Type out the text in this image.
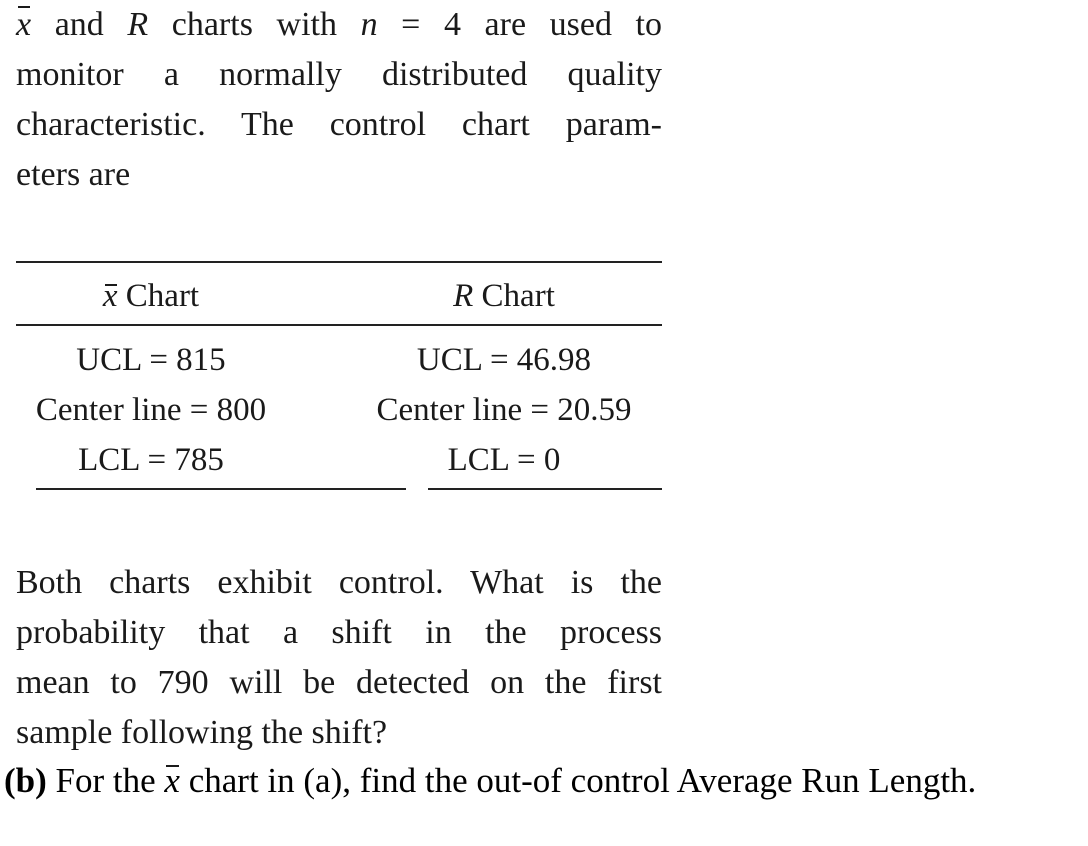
x and R charts with n = 4 are used to
monitor a normally distributed quality
characteristic. The control chart param-
eters are
x Chart	R Chart
UCL = 815	UCL = 46.98
Center line = 800	Center line = 20.59
LCL = 785	LCL = 0
Both charts exhibit control. What is the
probability that a shift in the process
mean to 790 will be detected on the first
sample following the shift?
(b) For the x chart in (a), find the out-of control Average Run Length.
